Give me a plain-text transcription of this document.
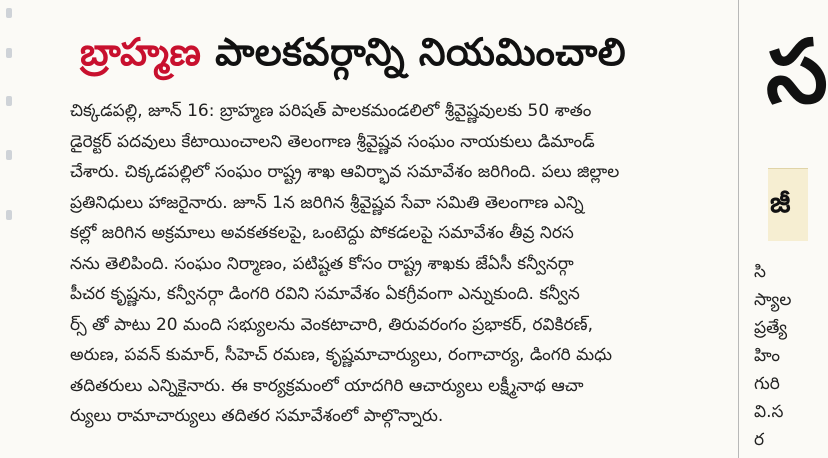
బ్రాహ్మణ పాలకవర్గాన్ని నియమించాలి
చిక్కడపల్లి, జూన్ 16: బ్రాహ్మణ పరిషత్ పాలకమండలిలో శ్రీవైష్ణవులకు 50 శాతం
డైరెక్టర్ పదవులు కేటాయించాలని తెలంగాణ శ్రీవైష్ణవ సంఘం నాయకులు డిమాండ్
చేశారు. చిక్కడపల్లిలో సంఘం రాష్ట్ర శాఖ ఆవిర్భావ సమావేశం జరిగింది. పలు జిల్లాల
ప్రతినిధులు హాజరైనారు. జూన్ 1న జరిగిన శ్రీవైష్ణవ సేవా సమితి తెలంగాణ ఎన్ని
కల్లో జరిగిన అక్రమాలు అవకతకలపై, ఒంటెద్దు పోకడలపై సమావేశం తీవ్ర నిరస
నను తెలిపింది. సంఘం నిర్మాణం, పటిష్టత కోసం రాష్ట్ర శాఖకు జేఏసీ కన్వీనర్గా
పీచర కృష్ణను, కన్వీనర్గా డింగరి రవిని సమావేశం ఏకగ్రీవంగా ఎన్నుకుంది. కన్వీన
ర్స్ తో పాటు 20 మంది సభ్యులను వెంకటాచారి, తిరువరంగం ప్రభాకర్, రవికిరణ్,
అరుణ, పవన్ కుమార్, సీహెచ్ రమణ, కృష్ణమాచార్యులు, రంగాచార్య, డింగరి మధు
తదితరులు ఎన్నికైనారు. ఈ కార్యక్రమంలో యాదగిరి ఆచార్యులు లక్ష్మీనాథ ఆచా
ర్యులు రామాచార్యులు తదితర సమావేశంలో పాల్గొన్నారు.
స
జీ
సి
స్యాల
ప్రత్యే
హిం
గురి
వి.స
ర
